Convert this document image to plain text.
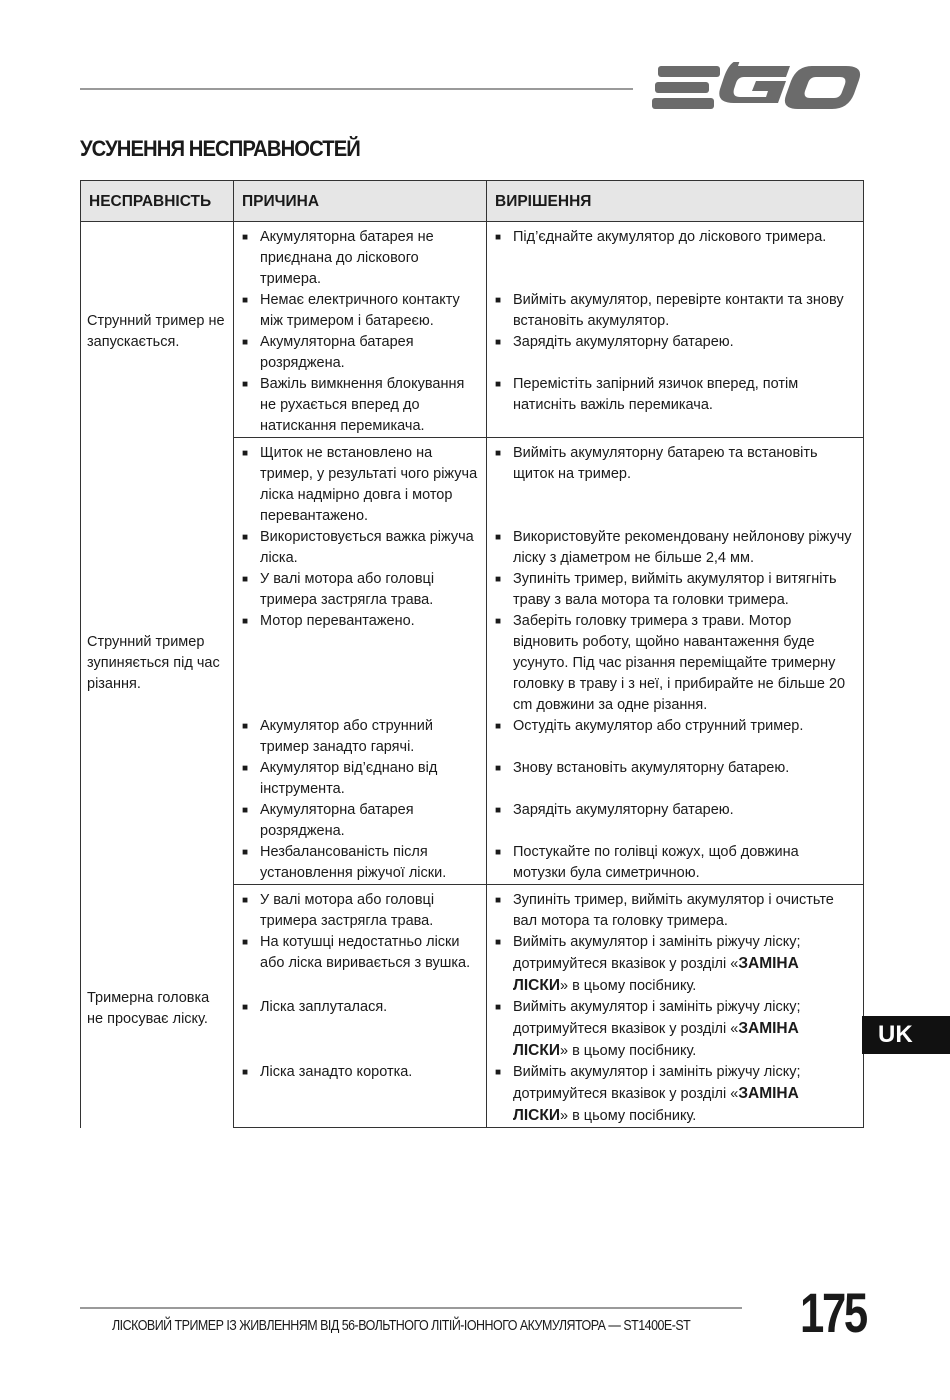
УСУНЕННЯ НЕСПРАВНОСТЕЙ
НЕСПРАВНІСТЬ	ПРИЧИНА	ВИРІШЕННЯ
Струнний тример не запускається.	■ Акумуляторна батарея не приєднана до лiскового тримера.	■ Під’єднайте акумулятор до лiскового тримера.

	■ Немає електричного контакту між тримером і батареєю.	■ Вийміть акумулятор, перевірте контакти та знову встановіть акумулятор.

	■ Акумуляторна батарея розряджена.	■ Зарядіть акумуляторну батарею.

	■ Важіль вимкнення блокування не рухається вперед до натискання перемикача.	■ Перемістіть запірний язичок вперед, потім натисніть важіль перемикача.

Струнний тример зупиняється під час різання.	■ Щиток не встановлено на тример, у результаті чого ріжуча ліска надмірно довга і мотор перевантажено.	■ Вийміть акумуляторну батарею та встановіть щиток на тример.

	■ Використовується важка ріжуча ліска.	■ Використовуйте рекомендовану нейлонову ріжучу ліску з діаметром не більше 2,4 мм.

	■ У валі мотора або головці тримера застрягла трава.	■ Зупиніть тример, вийміть акумулятор і витягніть траву з вала мотора та головки тримера.

	■ Мотор перевантажено.	■ Заберіть головку тримера з трави. Мотор відновить роботу, щойно навантаження буде усунуто. Під час різання переміщайте тримерну головку в траву і з неї, і прибирайте не більше 20 cm довжини за одне різання.

	■ Акумулятор або струнний тример занадто гарячі.	■ Остудіть акумулятор або струнний тример.

	■ Акумулятор від’єднано від інструмента.	■ Знову встановіть акумуляторну батарею.

	■ Акумуляторна батарея розряджена.	■ Зарядіть акумуляторну батарею.

	■ Незбалансованість після установлення ріжучої ліски.	■ Постукайте по голівці кожух, щоб довжина мотузки була симетричною.

Тримерна головка не просуває ліску.	■ У валі мотора або головці тримера застрягла трава.	■ Зупиніть тример, вийміть акумулятор і очистьте вал мотора та головку тримера.

	■ На котушці недостатньо ліски або ліска виривається з вушка.	■ Вийміть акумулятор і замініть ріжучу ліску; дотримуйтеся вказівок у розділі «ЗАМІНА ЛІСКИ» в цьому посібнику.

	■ Ліска заплуталася.	■ Вийміть акумулятор і замініть ріжучу ліску; дотримуйтеся вказівок у розділі «ЗАМІНА ЛІСКИ» в цьому посібнику.

	■ Ліска занадто коротка.	■ Вийміть акумулятор і замініть ріжучу ліску; дотримуйтеся вказівок у розділі «ЗАМІНА ЛІСКИ» в цьому посібнику.
UK
ЛІСКОВИЙ ТРИМЕР ІЗ ЖИВЛЕННЯМ ВІД 56-ВОЛЬТНОГО ЛІТІЙ-ІОННОГО АКУМУЛЯТОРА — ST1400E-ST 175
